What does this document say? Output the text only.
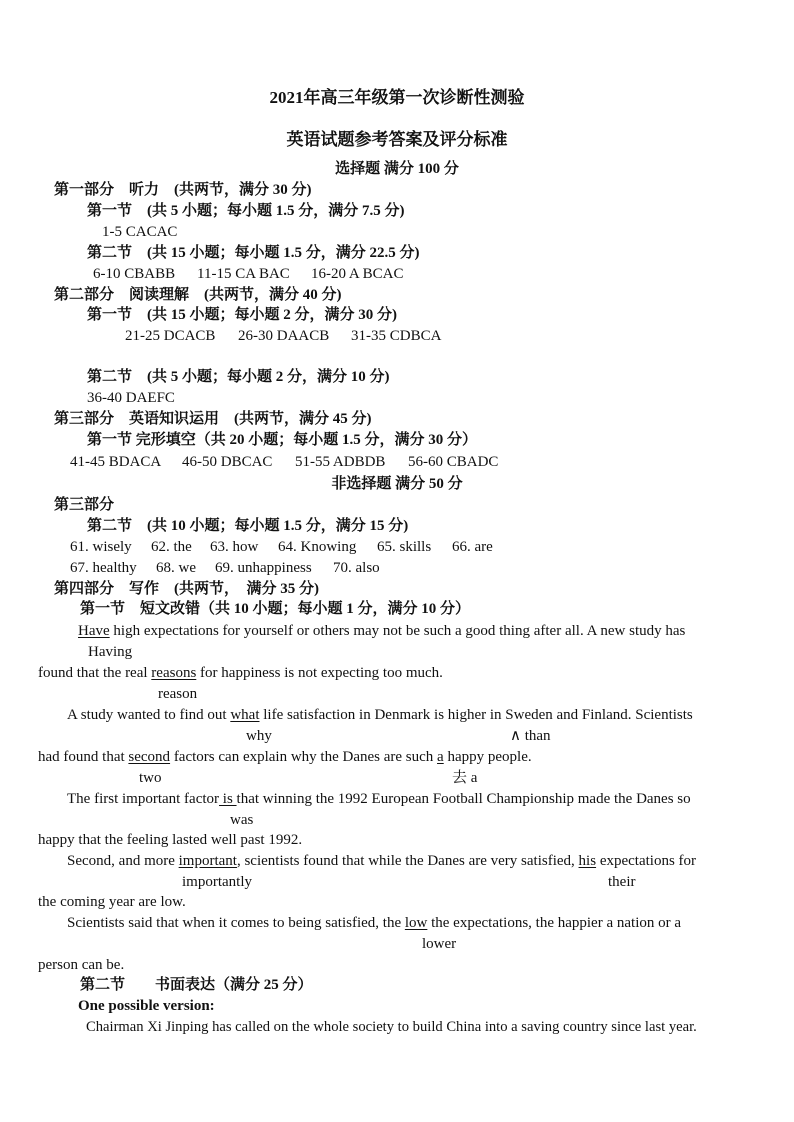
2021年高三年级第一次诊断性测验
英语试题参考答案及评分标准
选择题 满分 100 分
第一部分　听力　(共两节，满分 30 分)
第一节　(共 5 小题；每小题 1.5 分，满分 7.5 分)
1-5 CACAC
第二节　(共 15 小题；每小题 1.5 分，满分 22.5 分)
6-10 CBABB 11-15 CA BAC 16-20 A BCAC
第二部分　阅读理解　(共两节，满分 40 分)
第一节　(共 15 小题；每小题 2 分，满分 30 分)
21-25 DCACB 26-30 DAACB 31-35 CDBCA
第二节　(共 5 小题；每小题 2 分，满分 10 分)
36-40 DAEFC
第三部分　英语知识运用　(共两节，满分 45 分)
第一节 完形填空（共 20 小题；每小题 1.5 分，满分 30 分）
41-45 BDACA 46-50 DBCAC 51-55 ADBDB 56-60 CBADC
非选择题 满分 50 分
第三部分
第二节　(共 10 小题；每小题 1.5 分，满分 15 分)
61. wisely 62. the 63. how 64. Knowing 65. skills 66. are
67. healthy 68. we 69. unhappiness 70. also
第四部分　写作　(共两节，　满分 35 分)
第一节　短文改错（共 10 小题；每小题 1 分，满分 10 分）
Have high expectations for yourself or others may not be such a good thing after all. A new study has
Having
found that the real reasons for happiness is not expecting too much.
reason
A study wanted to find out what life satisfaction in Denmark is higher in Sweden and Finland. Scientists
why	∧ than
had found that second factors can explain why the Danes are such a happy people.
two	去 a
The first important factor is that winning the 1992 European Football Championship made the Danes so
was
happy that the feeling lasted well past 1992.
Second, and more important, scientists found that while the Danes are very satisfied, his expectations for
importantly	their
the coming year are low.
Scientists said that when it comes to being satisfied, the low the expectations, the happier a nation or a
lower
person can be.
第二节　　书面表达（满分 25 分）
One possible version:
Chairman Xi Jinping has called on the whole society to build China into a saving country since last year.
